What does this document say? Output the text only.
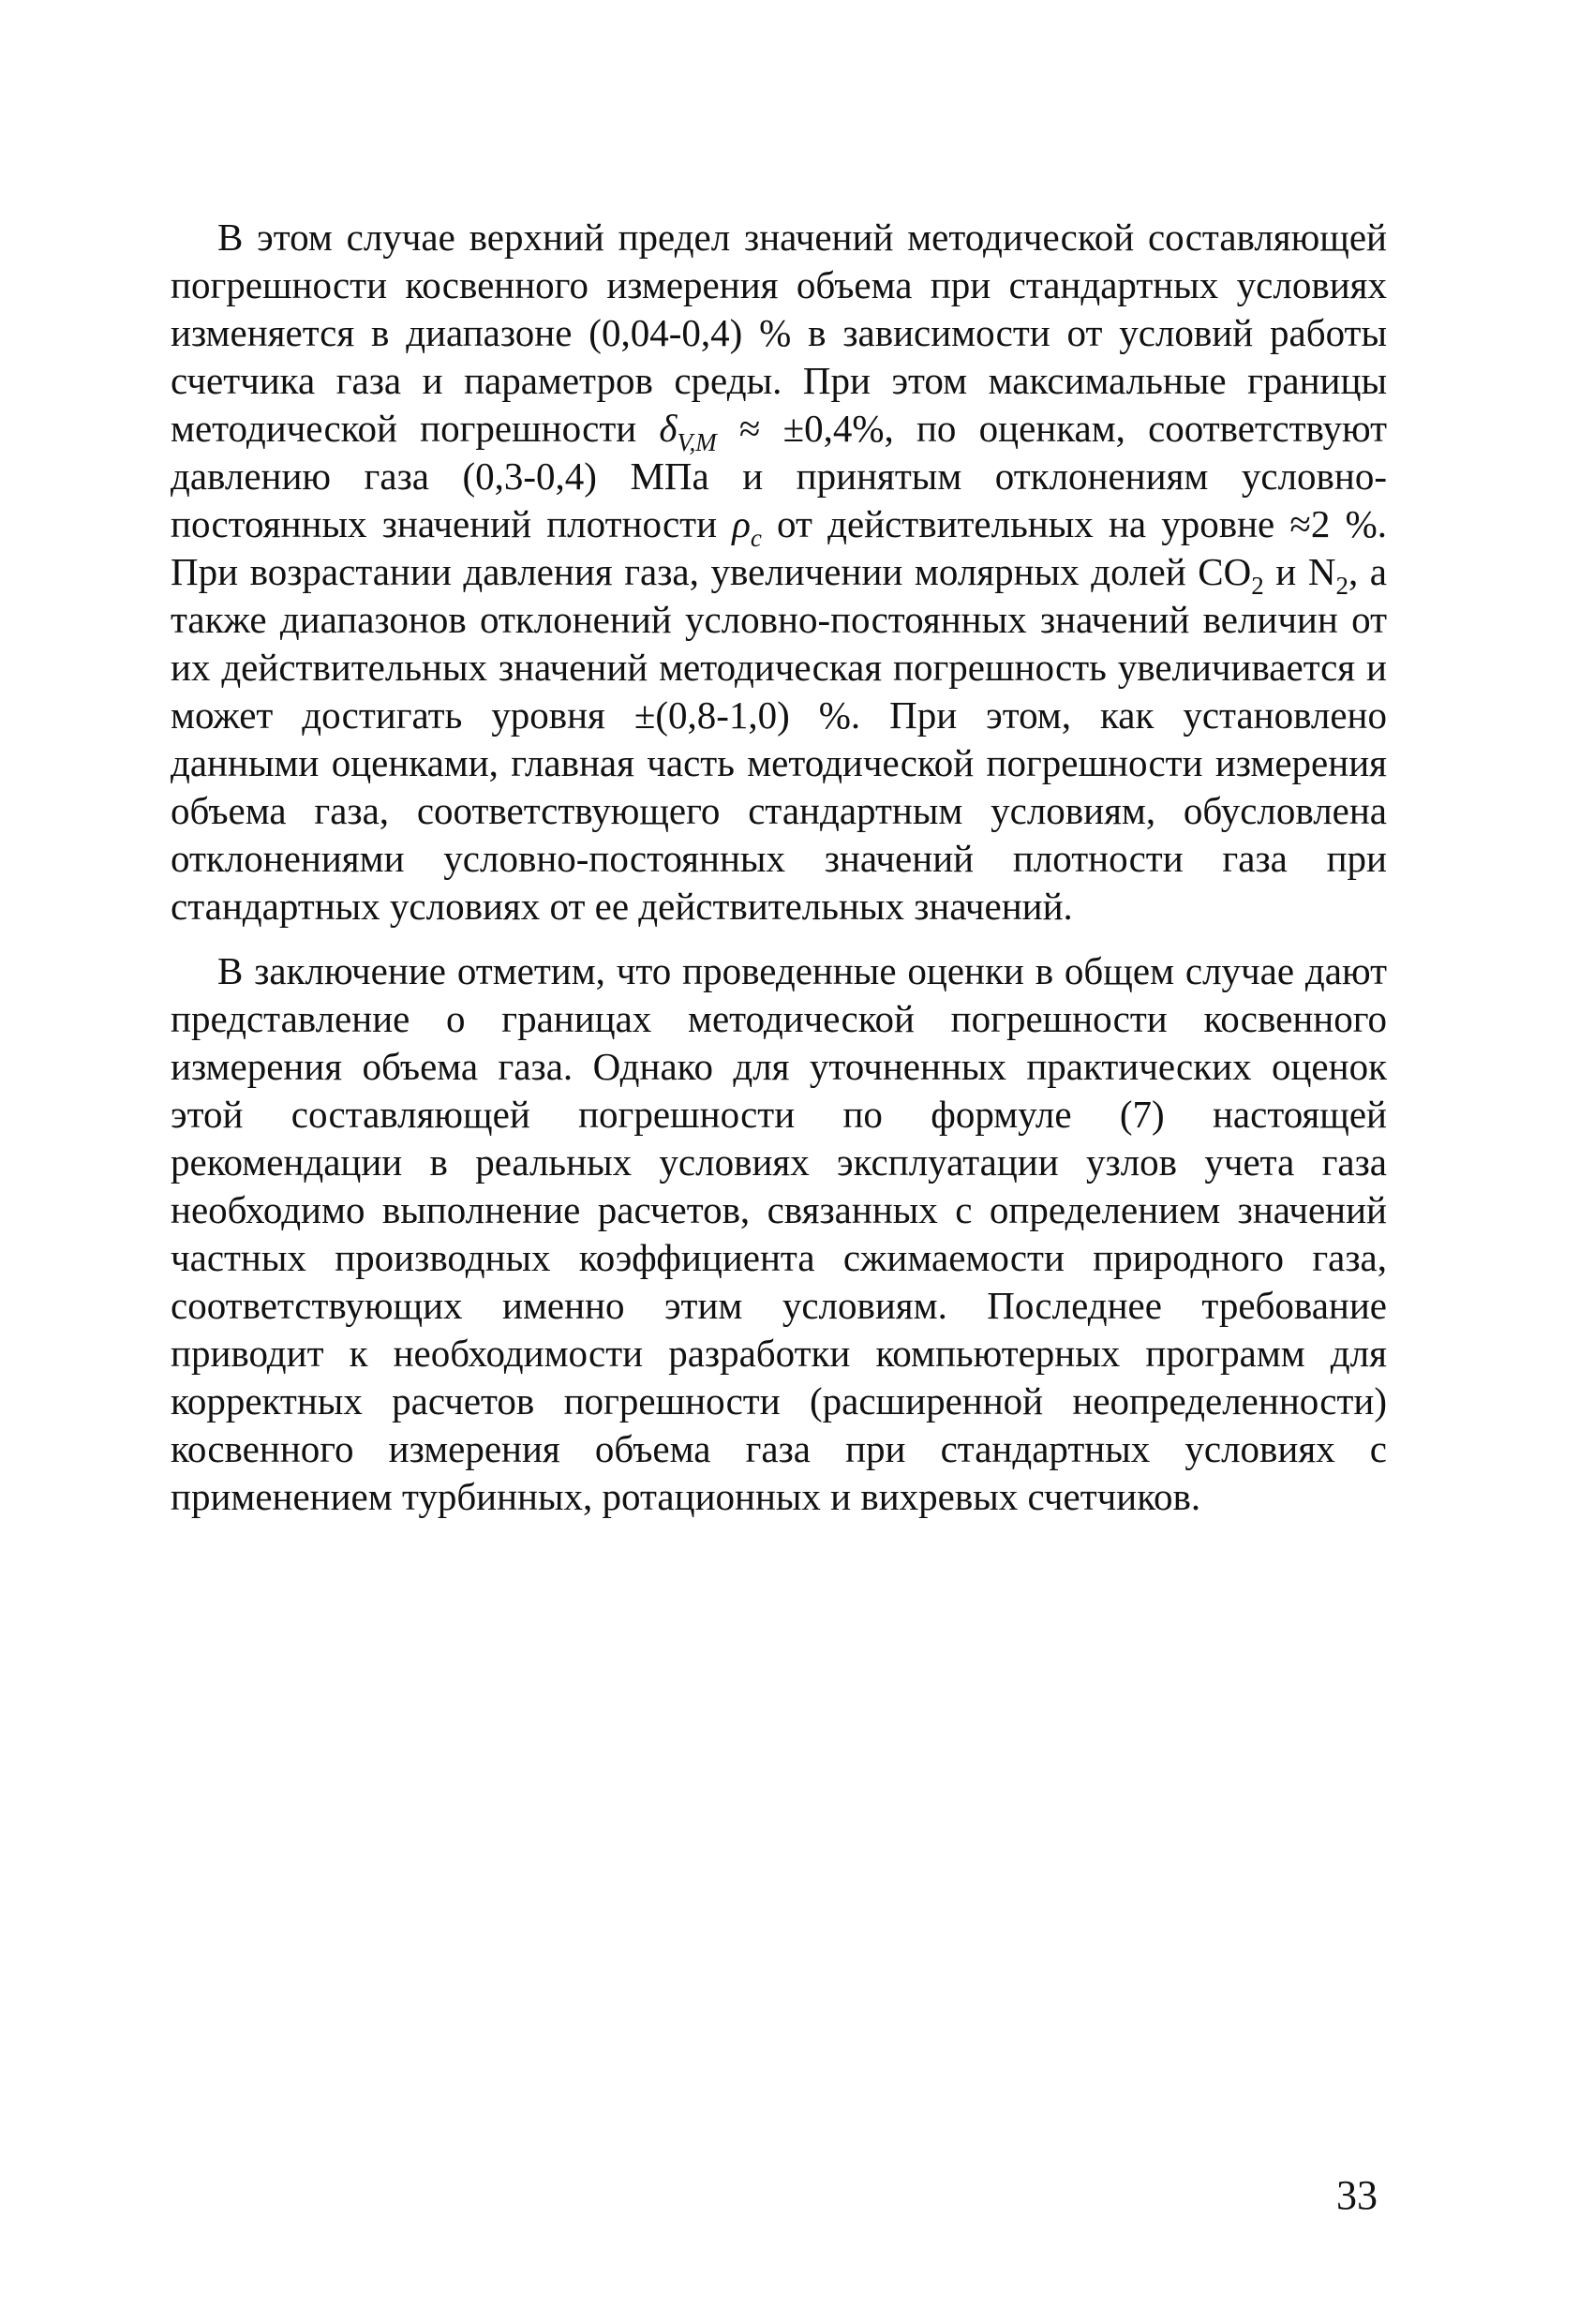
В этом случае верхний предел значений методической составляющей погрешности косвенного измерения объема при стандартных условиях изменяется в диапазоне (0,04-0,4) % в зависимости от условий работы счетчика газа и параметров среды. При этом максимальные границы методической погрешности $\delta_{V,M} \approx \pm 0,4\%$, по оценкам, соответствуют давлению газа (0,3-0,4) МПа и принятым отклонениям условно-постоянных значений плотности $\rho_c$ от действительных на уровне ≈2 %. При возрастании давления газа, увеличении молярных долей $CO_2$ и $N_2$, а также диапазонов отклонений условно-постоянных значений величин от их действительных значений методическая погрешность увеличивается и может достигать уровня ±(0,8-1,0) %. При этом, как установлено данными оценками, главная часть методической погрешности измерения объема газа, соответствующего стандартным условиям, обусловлена отклонениями условно-постоянных значений плотности газа при стандартных условиях от ее действительных значений.

В заключение отметим, что проведенные оценки в общем случае дают представление о границах методической погрешности косвенного измерения объема газа. Однако для уточненных практических оценок этой составляющей погрешности по формуле (7) настоящей рекомендации в реальных условиях эксплуатации узлов учета газа необходимо выполнение расчетов, связанных с определением значений частных производных коэффициента сжимаемости природного газа, соответствующих именно этим условиям. Последнее требование приводит к необходимости разработки компьютерных программ для корректных расчетов погрешности (расширенной неопределенности) косвенного измерения объема газа при стандартных условиях с применением турбинных, ротационных и вихревых счетчиков.

33
